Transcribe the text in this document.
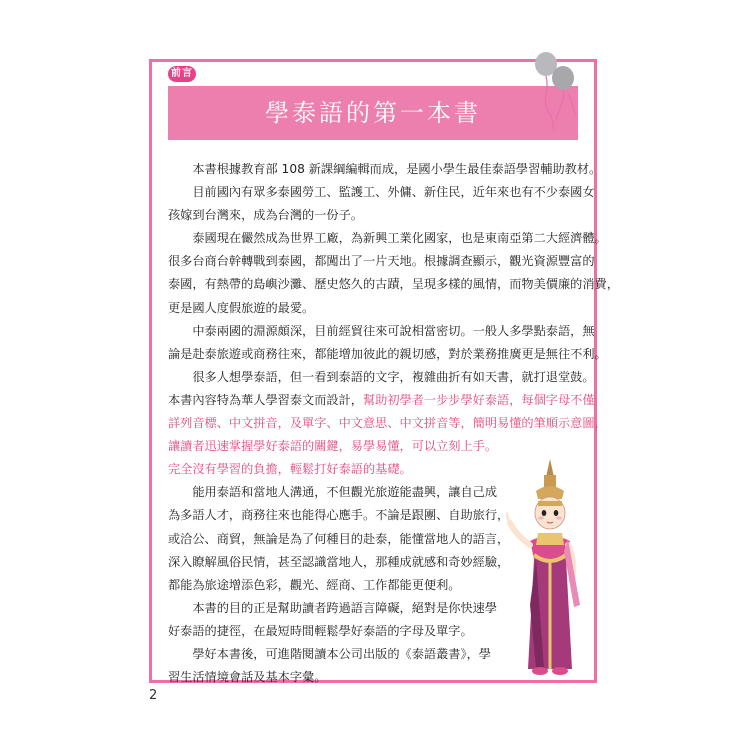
前言
學泰語的第一本書
　　本書根據教育部 108 新課綱編輯而成，是國小學生最佳泰語學習輔助教材。
　　目前國內有眾多泰國勞工、監護工、外傭、新住民，近年來也有不少泰國女
孩嫁到台灣來，成為台灣的一份子。
　　泰國現在儼然成為世界工廠，為新興工業化國家，也是東南亞第二大經濟體。
很多台商台幹轉戰到泰國，都闖出了一片天地。根據調查顯示，觀光資源豐富的
泰國，有熱帶的島嶼沙灘、歷史悠久的古蹟，呈現多樣的風情，而物美價廉的消費，
更是國人度假旅遊的最愛。
　　中泰兩國的淵源頗深，目前經貿往來可說相當密切。一般人多學點泰語，無
論是赴泰旅遊或商務往來，都能增加彼此的親切感，對於業務推廣更是無往不利。
　　很多人想學泰語，但一看到泰語的文字，複雜曲折有如天書，就打退堂鼓。
本書內容特為華人學習泰文而設計，幫助初學者一步步學好泰語，每個字母不僅
詳列音標、中文拼音，及單字、中文意思、中文拼音等，簡明易懂的筆順示意圖，
讓讀者迅速掌握學好泰語的關鍵，易學易懂，可以立刻上手。
完全沒有學習的負擔，輕鬆打好泰語的基礎。
　　能用泰語和當地人溝通，不但觀光旅遊能盡興，讓自己成
為多語人才，商務往來也能得心應手。不論是跟團、自助旅行，
或洽公、商貿，無論是為了何種目的赴泰，能懂當地人的語言，
深入瞭解風俗民情，甚至認識當地人，那種成就感和奇妙經驗，
都能為旅途增添色彩，觀光、經商、工作都能更便利。
　　本書的目的正是幫助讀者跨過語言障礙，絕對是你快速學
好泰語的捷徑，在最短時間輕鬆學好泰語的字母及單字。
　　學好本書後，可進階閱讀本公司出版的《泰語叢書》，學
習生活情境會話及基本字彙。
2
